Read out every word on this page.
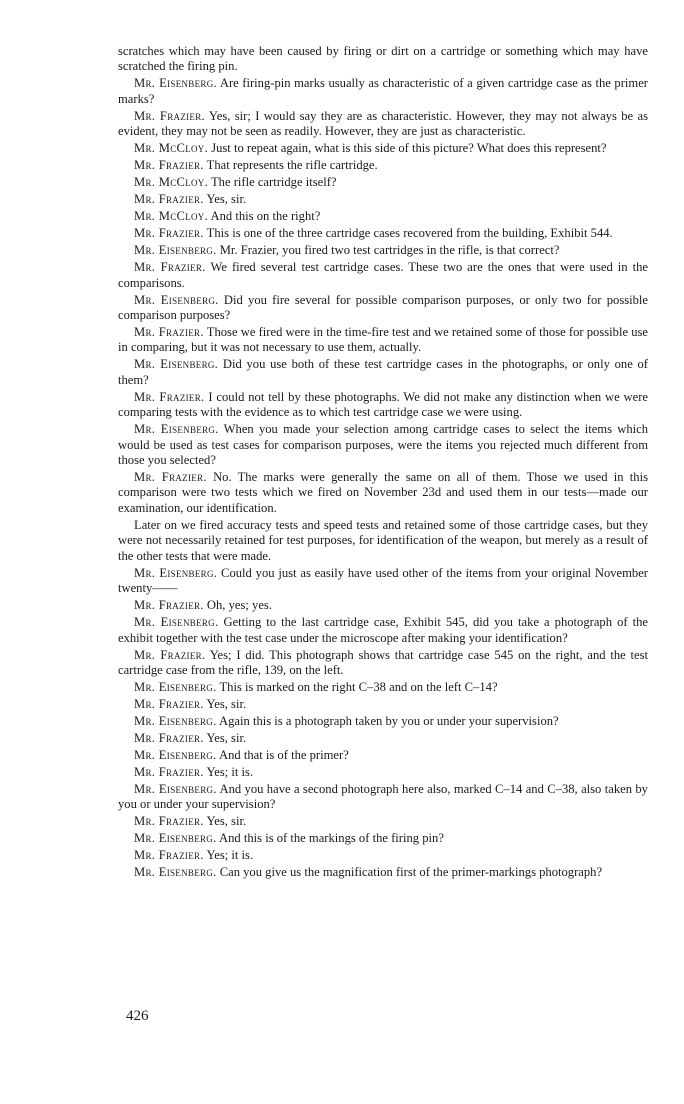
scratches which may have been caused by firing or dirt on a cartridge or something which may have scratched the firing pin.

Mr. Eisenberg. Are firing-pin marks usually as characteristic of a given cartridge case as the primer marks?

Mr. Frazier. Yes, sir; I would say they are as characteristic. However, they may not always be as evident, they may not be seen as readily. However, they are just as characteristic.

Mr. McCloy. Just to repeat again, what is this side of this picture? What does this represent?

Mr. Frazier. That represents the rifle cartridge.

Mr. McCloy. The rifle cartridge itself?

Mr. Frazier. Yes, sir.

Mr. McCloy. And this on the right?

Mr. Frazier. This is one of the three cartridge cases recovered from the building, Exhibit 544.

Mr. Eisenberg. Mr. Frazier, you fired two test cartridges in the rifle, is that correct?

Mr. Frazier. We fired several test cartridge cases. These two are the ones that were used in the comparisons.

Mr. Eisenberg. Did you fire several for possible comparison purposes, or only two for possible comparison purposes?

Mr. Frazier. Those we fired were in the time-fire test and we retained some of those for possible use in comparing, but it was not necessary to use them, actually.

Mr. Eisenberg. Did you use both of these test cartridge cases in the photographs, or only one of them?

Mr. Frazier. I could not tell by these photographs. We did not make any distinction when we were comparing tests with the evidence as to which test cartridge case we were using.

Mr. Eisenberg. When you made your selection among cartridge cases to select the items which would be used as test cases for comparison purposes, were the items you rejected much different from those you selected?

Mr. Frazier. No. The marks were generally the same on all of them. Those we used in this comparison were two tests which we fired on November 23d and used them in our tests—made our examination, our identification.

Later on we fired accuracy tests and speed tests and retained some of those cartridge cases, but they were not necessarily retained for test purposes, for identification of the weapon, but merely as a result of the other tests that were made.

Mr. Eisenberg. Could you just as easily have used other of the items from your original November twenty——

Mr. Frazier. Oh, yes; yes.

Mr. Eisenberg. Getting to the last cartridge case, Exhibit 545, did you take a photograph of the exhibit together with the test case under the microscope after making your identification?

Mr. Frazier. Yes; I did. This photograph shows that cartridge case 545 on the right, and the test cartridge case from the rifle, 139, on the left.

Mr. Eisenberg. This is marked on the right C–38 and on the left C–14?

Mr. Frazier. Yes, sir.

Mr. Eisenberg. Again this is a photograph taken by you or under your supervision?

Mr. Frazier. Yes, sir.

Mr. Eisenberg. And that is of the primer?

Mr. Frazier. Yes; it is.

Mr. Eisenberg. And you have a second photograph here also, marked C–14 and C–38, also taken by you or under your supervision?

Mr. Frazier. Yes, sir.

Mr. Eisenberg. And this is of the markings of the firing pin?

Mr. Frazier. Yes; it is.

Mr. Eisenberg. Can you give us the magnification first of the primer-markings photograph?

426
